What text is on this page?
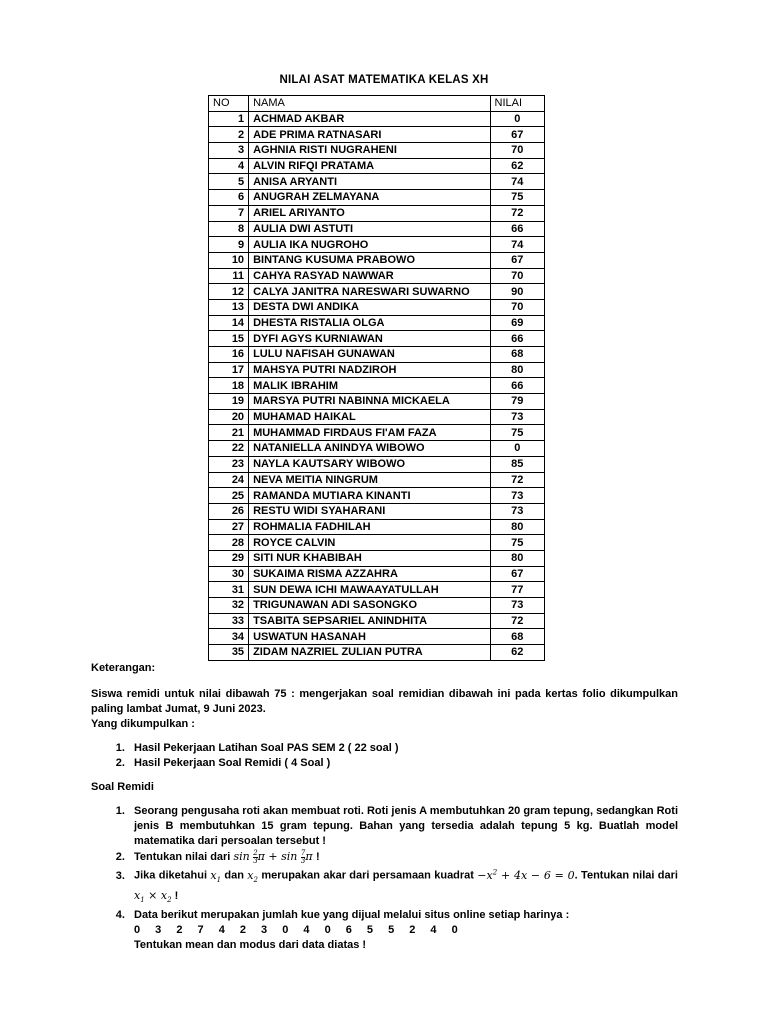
NILAI ASAT MATEMATIKA KELAS XH
NO	NAMA	NILAI
1	ACHMAD AKBAR	0
2	ADE PRIMA RATNASARI	67
3	AGHNIA RISTI NUGRAHENI	70
4	ALVIN RIFQI PRATAMA	62
5	ANISA ARYANTI	74
6	ANUGRAH ZELMAYANA	75
7	ARIEL ARIYANTO	72
8	AULIA DWI ASTUTI	66
9	AULIA IKA NUGROHO	74
10	BINTANG KUSUMA PRABOWO	67
11	CAHYA RASYAD NAWWAR	70
12	CALYA JANITRA NARESWARI SUWARNO	90
13	DESTA DWI ANDIKA	70
14	DHESTA RISTALIA OLGA	69
15	DYFI AGYS KURNIAWAN	66
16	LULU NAFISAH GUNAWAN	68
17	MAHSYA PUTRI NADZIROH	80
18	MALIK IBRAHIM	66
19	MARSYA PUTRI NABINNA MICKAELA	79
20	MUHAMAD HAIKAL	73
21	MUHAMMAD FIRDAUS FI'AM FAZA	75
22	NATANIELLA ANINDYA WIBOWO	0
23	NAYLA KAUTSARY WIBOWO	85
24	NEVA MEITIA NINGRUM	72
25	RAMANDA MUTIARA KINANTI	73
26	RESTU WIDI SYAHARANI	73
27	ROHMALIA FADHILAH	80
28	ROYCE CALVIN	75
29	SITI NUR KHABIBAH	80
30	SUKAIMA RISMA AZZAHRA	67
31	SUN DEWA ICHI MAWAAYATULLAH	77
32	TRIGUNAWAN ADI SASONGKO	73
33	TSABITA SEPSARIEL ANINDHITA	72
34	USWATUN HASANAH	68
35	ZIDAM NAZRIEL ZULIAN PUTRA	62

Keterangan:

Siswa remidi untuk nilai dibawah 75 : mengerjakan soal remidian dibawah ini pada kertas folio dikumpulkan paling lambat Jumat, 9 Juni 2023.

Yang dikumpulkan :

1. Hasil Pekerjaan Latihan Soal PAS SEM 2 ( 22 soal )
2. Hasil Pekerjaan Soal Remidi ( 4 Soal )

Soal Remidi

1. Seorang pengusaha roti akan membuat roti. Roti jenis A membutuhkan 20 gram tepung, sedangkan Roti jenis B membutuhkan 15 gram tepung. Bahan yang tersedia adalah tepung 5 kg. Buatlah model matematika dari persoalan tersebut !
2. Tentukan nilai dari $\sin \frac{2}{3}$ $\pi + \sin \frac{7}{3}$ π !
3. Jika diketahui $x_1$ dan $x_2$ merupakan akar dari persamaan kuadrat $-x^2 + 4x - 6 = 0$. Tentukan nilai dari $x_1 \times x_2$ !
4. Data berikut merupakan jumlah kue yang dijual melalui situs online setiap harinya :
0 3 2 7 4 2 3 0 4 0 6 5 5 2 4 0
Tentukan mean dan modus dari data diatas !
